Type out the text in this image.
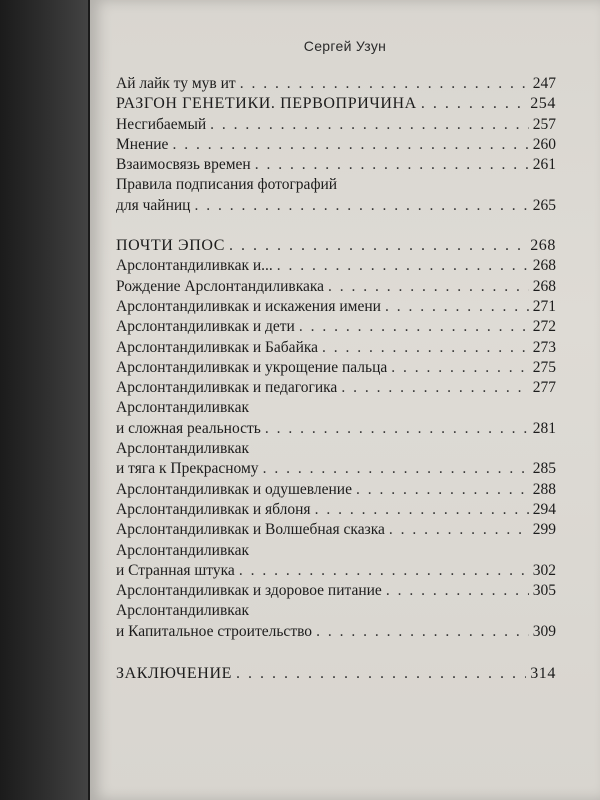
Сергей Узун
Ай лайк ту мув ит . . .	247
РАЗГОН ГЕНЕТИКИ. ПЕРВОПРИЧИНА . . .	254
Несгибаемый . . .	257
Мнение . . .	260
Взаимосвязь времен . . .	261
Правила подписания фотографий
для чайниц . . .	265
ПОЧТИ ЭПОС . . .	268
Арслонтандиливкак и... . . .	268
Рождение Арслонтандиливкака . . .	268
Арслонтандиливкак и искажения имени . . .	271
Арслонтандиливкак и дети . . .	272
Арслонтандиливкак и Бабайка . . .	273
Арслонтандиливкак и укрощение пальца . . .	275
Арслонтандиливкак и педагогика . . .	277
Арслонтандиливкак
и сложная реальность . . .	281
Арслонтандиливкак
и тяга к Прекрасному . . .	285
Арслонтандиливкак и одушевление . . .	288
Арслонтандиливкак и яблоня . . .	294
Арслонтандиливкак и Волшебная сказка . . .	299
Арслонтандиливкак
и Странная штука . . .	302
Арслонтандиливкак и здоровое питание . . .	305
Арслонтандиливкак
и Капитальное строительство . . .	309
ЗАКЛЮЧЕНИЕ . . .	314
